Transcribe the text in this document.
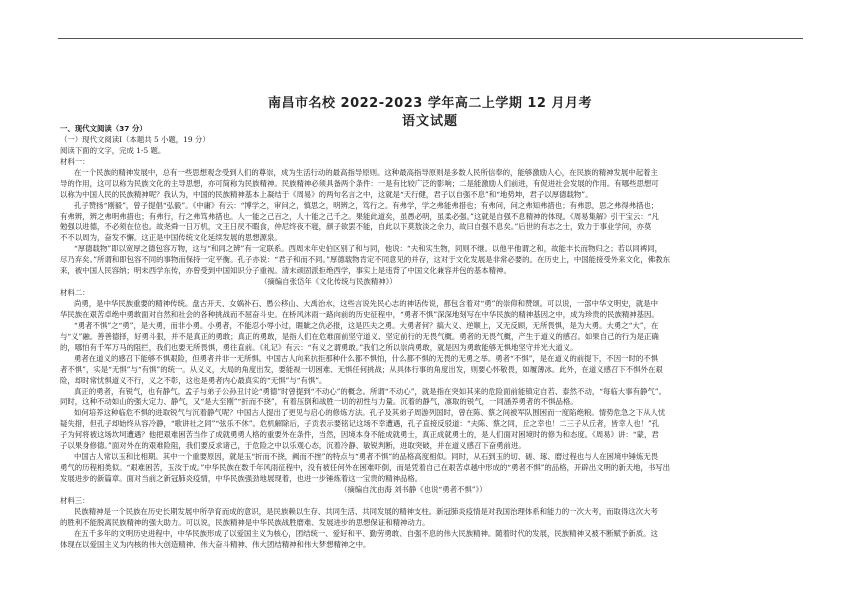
南昌市名校 2022-2023 学年高二上学期 12 月月考
语文试题
一、现代文阅读（37 分）
（一）现代文阅读Ⅰ（本题共 5 小题，19 分）
阅读下面的文字，完成 1-5 题。
材料一：
在一个民族的精神发展中，总有一些思想观念受到人们的尊崇，成为生活行动的最高指导原则。这种最高指导原则是多数人民所信奉的，能够激励人心，在民族的精神发展中起着主
导的作用，这可以称为民族文化的主导思想，亦可简称为民族精神。民族精神必须具备两个条件：一是有比较广泛的影响；二是能激励人们前进，有促进社会发展的作用。有哪些思想可
以称为中国人民的民族精神呢？我认为，中国的民族精神基本上凝结于《周易》的两句名言之中，这就是“天行健，君子以自强不息”和“地势坤，君子以厚德载物”。
孔子赞扬“刚毅”，曾子提倡“弘毅”。《中庸》有云：“博学之，审问之，慎思之，明辨之，笃行之。有弗学，学之弗能弗措也；有弗问，问之弗知弗措也；有弗思，思之弗得弗措也；
有弗辨，辨之弗明弗措也；有弗行，行之弗笃弗措也。人一能之己百之，人十能之己千之。果能此道矣，虽愚必明，虽柔必强。”这就是自强不息精神的体现。《周易集解》引干宝云：“凡
勉强以进德，不必须在位也。故尧舜一日万机，文王日昃不暇食，仲尼终夜不寝，颜子欲罢不能，自此以下莫敖淡之余力，故曰自强不息矣。”后世的有志之士，致力于事业学问，亦莫
不不以周为，奋发不懈。这正是中国传统文化延续发展的思想源泉。
“厚德载物”即以宽厚之德包容万物，这与“和同之辨”有一定联系。西周末年史伯区别了和与同，他说：“夫和实生物，同则不继。以他平他谓之和，故能丰长而物归之；若以同裨同，
尽乃弃矣。”所谓和即包容不同的事物而保持一定平衡。孔子亦说：“君子和而不同。”厚德载物肯定不同意见的并存，这对于文化发展是非常必要的。在历史上，中国能接受外来文化，佛教东
来，被中国人民容纳；明末西学东传，亦曾受到中国知识分子重视。清末顽固派拒绝西学，事实上是违背了中国文化兼容并包的基本精神。
（摘编自张岱年《文化传统与民族精神》）
材料二：
尚勇，是中华民族重要的精神传统。盘古开天、女娲补石、愚公移山、大禹治水，这些言说先民心志的神话传说，都包含着对“勇”的崇仰和赞颂。可以说，一部中华文明史，就是中
华民族在艰苦卓绝中勇敢面对自然和社会的各种挑战而不屈奋斗史。在桥风沐雨一路向前的历史征程中，“勇者不惧”深深地刻写在中华民族的精神基因之中，成为珍贵的民族精神基因。
“勇者不惧”之“勇”，是大勇，而非小勇。小勇者，不能忍小辱小过，睚眦之仇必报，这是匹夫之勇。大勇者何？搞大义、逆顺上，又无反顾，无所畏惧，是为大勇。大勇之“大”，在
与“义”融。善善德择，好勇斗狠，并不是真正的勇敢；真正的勇敢，是指人们在危难面前坚守道义、坚定前行的无畏气概。勇者的无畏气概，产生于道义的感召。如果自己的行为是正确
的，哪怕有千军万马的阻拦，我们也要无所畏惧，勇往直前。《礼记》有云：“有义之谓勇敢。”我们之所以崇尚勇敢，就是因为勇敢能够无惧地坚守并光大道义。
勇者在道义的感召下能够不惧艰险，但勇者并非一无所惧。中国古人向来抗拒那种什么都不惧怕，什么都不惧的无畏的无勇之举。勇者“不惧”，是在道义的前提下，不因一时的不惧
者不惧”，实是“无惧”与“有惧”的统一。从义义，大局的角度出发，要能视一切困难、无惧任何挑战；从具体行事的角度出发，则要心怀敬畏，如履薄冰。此外，在道义感召下不惧外在艰
险，却时常忧惧道义不行，义之不彰，这也是勇者内心最真实的“无惧”与“有惧”。
真正的勇者，有锐气，也有静气。孟子与弟子公孙丑讨论“勇德”时曾提到“不动心”的概念。所谓“不动心”，就是指在突如其来的危险面前能镇定自若、泰然不动，“每临大事有静气”。
同时，这种不动如山的强大定力、静气，又“是大至刚”“折而不挠”，有着压倒和战胜一切的初性与力量。沉着的静气，凛取的锐气，一同涵养勇者的不惧品格。
如何培养这种临危不惧的进取锐气与沉着静气呢？中国古人提出了更见与启心的修炼方法。孔子及其弟子周游列国时，曾在陈、蔡之间被军队围困而一度陷绝粮。情势危急之下从人忧
疑失措，但孔子却始终从容冷静，“歌讲社之同”“弦乐不休”。危机解除后，子贡表示要铭记这场不幸遭遇，孔子直接反驳道：“夫陈、蔡之同，丘之幸也！二三子从丘者，皆幸人也！”孔
子为何将被这场坎坷遭遇？他把艰难困苦当作了成就勇勇人格的重要外在条件，当然，因境本身不能成就勇士，真正成就勇士的，是人们面对困境时的修为和态度。《周易》讲：“蒙，君
子以果身修德。”面对外在的艰难险阻，我们要反求诸己，于危险之中以乐观心态，沉着冷静、敏锐判断，进取突破，并在道义感召下奋勇前进。
中国古人常以玉和比相期。其中一个重要原因，就是玉“折而不挠，阙而不挫”的特点与“勇者不惧”的品格高度相似。同时，从石到玉的切、磋、琢、磨过程也与人在困境中锤炼无畏
勇气的历程相类似。“艰难困苦，玉汝于成。”中华民族在数千年风雨征程中，没有被任何外在困难吓倒，而是凭着自己在艰苦卓越中形成的“勇者不惧”的品格，开辟出文明的新天地，书写出
发展进步的新篇章。面对当前之新冠肺炎疫情，中华民族强劲地展现着，也进一步锤炼着这一宝贵的精神品格。
（摘编自沈由海 刘书静《也说“勇者不惧”》）
材料三：
民族精神是一个民族在历史长期发展中所孕育而成的意识，是民族赖以生存、共同生活、共同发展的精神支柱。新冠肺炎疫情是对我国治理体系和能力的一次大考，而取得这次大考
的胜利不能脱离民族精神的强大助力。可以说，民族精神是中华民族战胜磨难、发展进步的思想保证和精神动力。
在五千多年的文明历史进程中，中华民族形成了以爱国主义为核心，团结统一、爱好和平、勤劳勇敢、自强不息的伟大民族精神。随着时代的发展，民族精神又被不断赋予新质。这
体现在以爱国主义为内核的伟大创造精神、伟大奋斗精神、伟大团结精神和伟大梦想精神之中。
